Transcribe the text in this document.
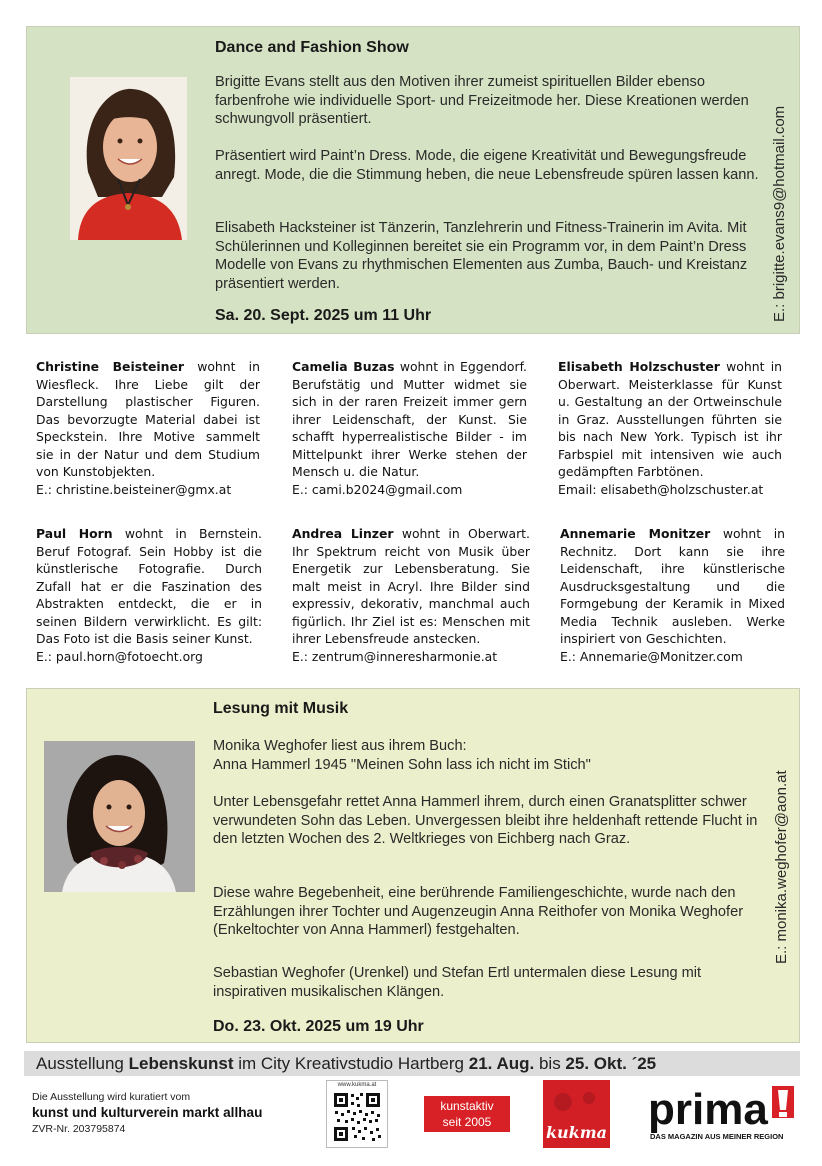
Dance and Fashion Show
Brigitte Evans stellt aus den Motiven ihrer zumeist spirituellen Bilder ebenso farbenfrohe wie individuelle Sport- und Freizeitmode her. Diese Kreationen werden schwungvoll präsentiert.
Präsentiert wird Paint’n Dress. Mode, die eigene Kreativität und Bewegungsfreude anregt. Mode, die die Stimmung heben, die neue Lebensfreude spüren lassen kann.
Elisabeth Hacksteiner ist Tänzerin, Tanzlehrerin und Fitness-Trainerin im Avita. Mit Schülerinnen und Kolleginnen bereitet sie ein Programm vor, in dem Paint’n Dress Modelle von Evans zu rhythmischen Elementen aus Zumba, Bauch- und Kreistanz präsentiert werden.
Sa. 20. Sept. 2025 um 11 Uhr	E.: brigitte.evans9@hotmail.com
Christine Beisteiner wohnt in Wiesfleck. Ihre Liebe gilt der Darstellung plastischer Figuren. Das bevorzugte Material dabei ist Speckstein. Ihre Motive sammelt sie in der Natur und dem Studium von Kunstobjekten.
E.: christine.beisteiner@gmx.at
Camelia Buzas wohnt in Eggendorf. Berufstätig und Mutter widmet sie sich in der raren Freizeit immer gern ihrer Leidenschaft, der Kunst. Sie schafft hyperrealistische Bilder - im Mittelpunkt ihrer Werke stehen der Mensch u. die Natur.
E.: cami.b2024@gmail.com
Elisabeth Holzschuster wohnt in Oberwart. Meisterklasse für Kunst u. Gestaltung an der Ortweinschule in Graz. Ausstellungen führten sie bis nach New York. Typisch ist ihr Farbspiel mit intensiven wie auch gedämpften Farbtönen.
Email: elisabeth@holzschuster.at
Paul Horn wohnt in Bernstein. Beruf Fotograf. Sein Hobby ist die künstlerische Fotografie. Durch Zufall hat er die Faszination des Abstrakten entdeckt, die er in seinen Bildern verwirklicht. Es gilt: Das Foto ist die Basis seiner Kunst.
E.: paul.horn@fotoecht.org
Andrea Linzer wohnt in Oberwart. Ihr Spektrum reicht von Musik über Energetik zur Lebensberatung. Sie malt meist in Acryl. Ihre Bilder sind expressiv, dekorativ, manchmal auch figürlich. Ihr Ziel ist es: Menschen mit ihrer Lebensfreude anstecken.
E.: zentrum@inneresharmonie.at
Annemarie Monitzer wohnt in Rechnitz. Dort kann sie ihre Leidenschaft, ihre künstlerische Ausdrucksgestaltung und die Formgebung der Keramik in Mixed Media Technik ausleben. Werke inspiriert von Geschichten.
E.: Annemarie@Monitzer.com
Lesung mit Musik
Monika Weghofer liest aus ihrem Buch:
Anna Hammerl 1945 "Meinen Sohn lass ich nicht im Stich"
Unter Lebensgefahr rettet Anna Hammerl ihrem, durch einen Granatsplitter schwer verwundeten Sohn das Leben. Unvergessen bleibt ihre heldenhaft rettende Flucht in den letzten Wochen des 2. Weltkrieges von Eichberg nach Graz.
Diese wahre Begebenheit, eine berührende Familiengeschichte, wurde nach den Erzählungen ihrer Tochter und Augenzeugin Anna Reithofer von Monika Weghofer (Enkeltochter von Anna Hammerl) festgehalten.
Sebastian Weghofer (Urenkel) und Stefan Ertl untermalen diese Lesung mit inspirativen musikalischen Klängen.
Do. 23. Okt. 2025 um 19 Uhr
E.: monika.weghofer@aon.at
Ausstellung Lebenskunst im City Kreativstudio Hartberg 21. Aug. bis 25. Okt. ´25
Die Ausstellung wird kuratiert vom
kunst und kulturverein markt allhau
ZVR-Nr. 203795874
www.kukma.at
kunstaktiv
seit 2005
kukma prima
DAS MAGAZIN AUS MEINER REGION
